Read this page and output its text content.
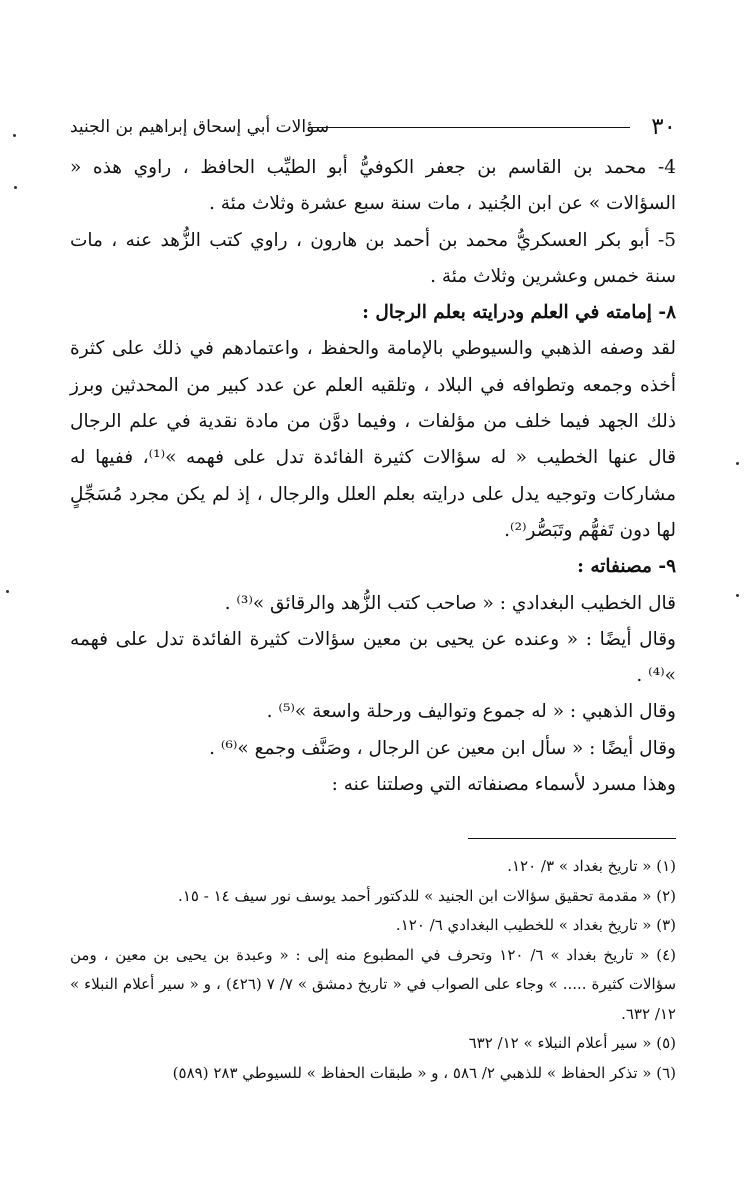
٣٠
سؤالات أبي إسحاق إبراهيم بن الجنيد

4- محمد بن القاسم بن جعفر الكوفيُّ أبو الطيِّب الحافظ ، راوي هذه « السؤالات » عن ابن الجُنيد ، مات سنة سبع عشرة وثلاث مئة .

5- أبو بكر العسكريُّ محمد بن أحمد بن هارون ، راوي كتب الزُّهد عنه ، مات سنة خمس وعشرين وثلاث مئة .

٨- إمامته في العلم ودرايته بعلم الرجال :

لقد وصفه الذهبي والسيوطي بالإمامة والحفظ ، واعتمادهم في ذلك على كثرة أخذه وجمعه وتطوافه في البلاد ، وتلقيه العلم عن عدد كبير من المحدثين وبرز ذلك الجهد فيما خلف من مؤلفات ، وفيما دوَّن من مادة نقدية في علم الرجال قال عنها الخطيب « له سؤالات كثيرة الفائدة تدل على فهمه »⁽¹⁾، ففيها له مشاركات وتوجيه يدل على درايته بعلم العلل والرجال ، إذ لم يكن مجرد مُسَجِّلٍ لها دون تَفهُّم وتَبَصُّر⁽²⁾.

٩- مصنفاته :

قال الخطيب البغدادي : « صاحب كتب الزُّهد والرقائق »⁽³⁾ .

وقال أيضًا : « وعنده عن يحيى بن معين سؤالات كثيرة الفائدة تدل على فهمه »⁽⁴⁾ .

وقال الذهبي : « له جموع وتواليف ورحلة واسعة »⁽⁵⁾ .

وقال أيضًا : « سأل ابن معين عن الرجال ، وصَنَّف وجمع »⁽⁶⁾ .

وهذا مسرد لأسماء مصنفاته التي وصلتنا عنه :

(١) « تاريخ بغداد » ٣/ ١٢٠.

(٢) « مقدمة تحقيق سؤالات ابن الجنيد » للدكتور أحمد يوسف نور سيف ١٤ - ١٥.

(٣) « تاريخ بغداد » للخطيب البغدادي ٦/ ١٢٠.

(٤) « تاريخ بغداد » ٦/ ١٢٠ وتحرف في المطبوع منه إلى : « وعبدة بن يحيى بن معين ، ومن سؤالات كثيرة ..... » وجاء على الصواب في « تاريخ دمشق » ٧/ ٧ (٤٢٦) ، و « سير أعلام النبلاء » ١٢/ ٦٣٢.

(٥) « سير أعلام النبلاء » ١٢/ ٦٣٢

(٦) « تذكر الحفاظ » للذهبي ٢/ ٥٨٦ ، و « طبقات الحفاظ » للسيوطي ٢٨٣ (٥٨٩)
